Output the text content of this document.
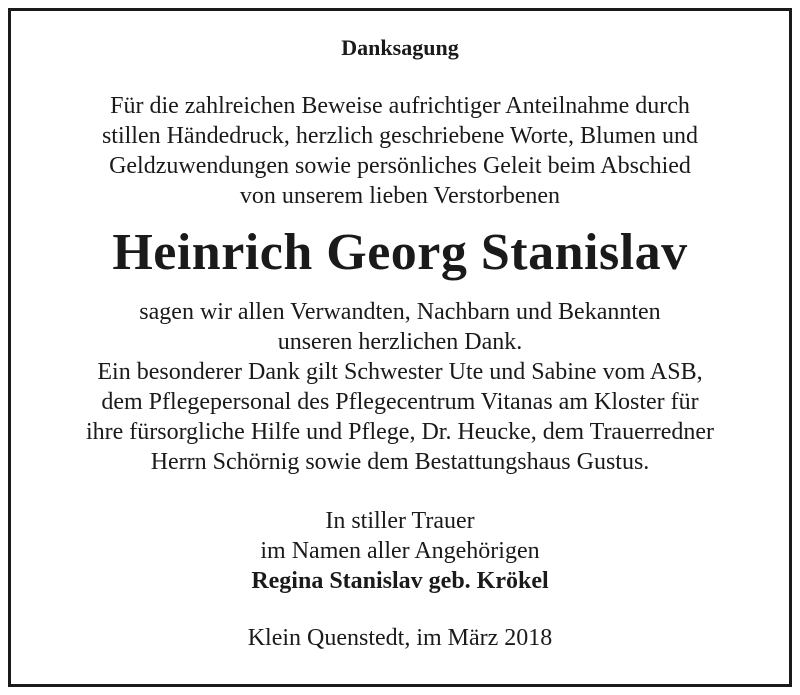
Danksagung
Für die zahlreichen Beweise aufrichtiger Anteilnahme durch
stillen Händedruck, herzlich geschriebene Worte, Blumen und
Geldzuwendungen sowie persönliches Geleit beim Abschied
von unserem lieben Verstorbenen
Heinrich Georg Stanislav
sagen wir allen Verwandten, Nachbarn und Bekannten
unseren herzlichen Dank.
Ein besonderer Dank gilt Schwester Ute und Sabine vom ASB,
dem Pflegepersonal des Pflegecentrum Vitanas am Kloster für
ihre fürsorgliche Hilfe und Pflege, Dr. Heucke, dem Trauerredner
Herrn Schörnig sowie dem Bestattungshaus Gustus.
In stiller Trauer
im Namen aller Angehörigen
Regina Stanislav geb. Krökel
Klein Quenstedt, im März 2018
